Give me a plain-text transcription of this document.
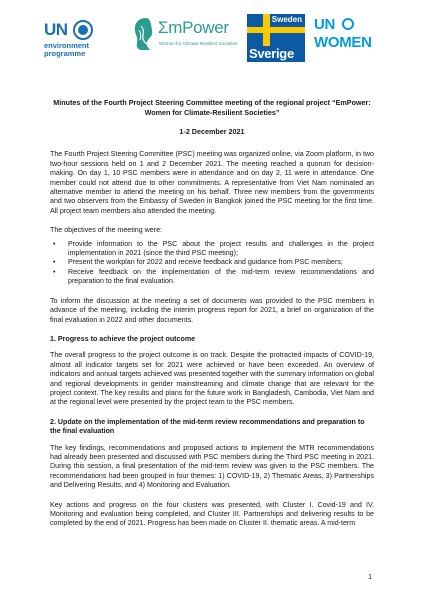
UN
environment
programme
ΣmPower
Women for Climate-Resilient Societies
Sweden
Sverige
UN
WOMEN
Minutes of the Fourth Project Steering Committee meeting of the regional project “EmPower: Women for Climate-Resilient Societies”
1-2 December 2021

The Fourth Project Steering Committee (PSC) meeting was organized online, via Zoom platform, in two two-hour sessions held on 1 and 2 December 2021. The meeting reached a quorum for decision-making. On day 1, 10 PSC members were in attendance and on day 2, 11 were in attendance. One member could not attend due to other commitments. A representative from Viet Nam nominated an alternative member to attend the meeting on his behalf. Three new members from the governments and two observers from the Embassy of Sweden in Bangkok joined the PSC meeting for the first time. All project team members also attended the meeting.

The objectives of the meeting were:

• Provide information to the PSC about the project results and challenges in the project implementation in 2021 (since the third PSC meeting);
• Present the workplan for 2022 and receive feedback and guidance from PSC members;
• Receive feedback on the implementation of the mid-term review recommendations and preparation to the final evaluation.

To inform the discussion at the meeting a set of documents was provided to the PSC members in advance of the meeting, including the interim progress report for 2021, a brief on organization of the final evaluation in 2022 and other documents.

1. Progress to achieve the project outcome

The overall progress to the project outcome is on track. Despite the protracted impacts of COVID-19, almost all indicator targets set for 2021 were achieved or have been exceeded. An overview of indicators and annual targets achieved was presented together with the summary information on global and regional developments in gender mainstreaming and climate change that are relevant for the project context. The key results and plans for the future work in Bangladesh, Cambodia, Viet Nam and at the regional level were presented by the project team to the PSC members.

2. Update on the implementation of the mid-term review recommendations and preparation to the final evaluation

The key findings, recommendations and proposed actions to implement the MTR recommendations had already been presented and discussed with PSC members during the Third PSC meeting in 2021. During this session, a final presentation of the mid-term review was given to the PSC members. The recommendations had been grouped in four themes: 1) COVID-19, 2) Thematic Areas, 3) Partnerships and Delivering Results, and 4) Monitoring and Evaluation.

Key actions and progress on the four clusters was presented, with Cluster I. Covid-19 and IV. Monitoring and evaluation being completed, and Cluster III. Partnerships and delivering results to be completed by the end of 2021. Progress has been made on Cluster II. thematic areas. A mid-term

1
